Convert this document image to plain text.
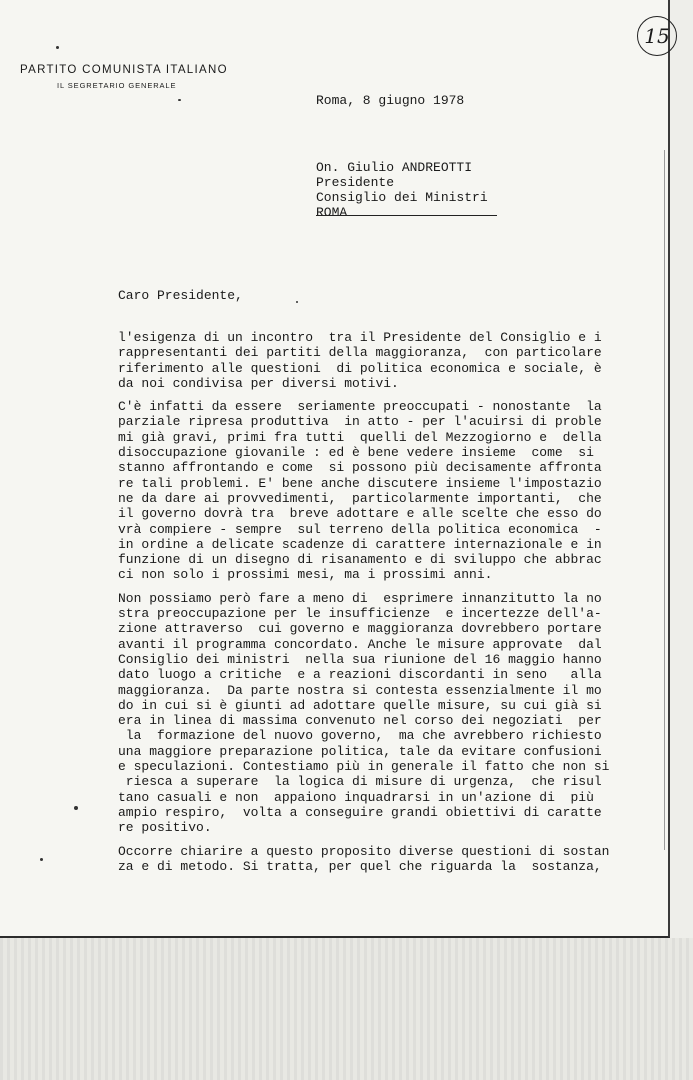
15
PARTITO COMUNISTA ITALIANO
IL SEGRETARIO GENERALE
Roma, 8 giugno 1978
On. Giulio ANDREOTTI
Presidente
Consiglio dei Ministri
ROMA
Caro Presidente,
l'esigenza di un incontro  tra il Presidente del Consiglio e i
rappresentanti dei partiti della maggioranza,  con particolare
riferimento alle questioni  di politica economica e sociale, è
da noi condivisa per diversi motivi.
C'è infatti da essere  seriamente preoccupati - nonostante  la
parziale ripresa produttiva  in atto - per l'acuirsi di proble
mi già gravi, primi fra tutti  quelli del Mezzogiorno e  della
disoccupazione giovanile : ed è bene vedere insieme  come  si
stanno affrontando e come  si possono più decisamente affronta
re tali problemi. E' bene anche discutere insieme l'impostazio
ne da dare ai provvedimenti,  particolarmente importanti,  che
il governo dovrà tra  breve adottare e alle scelte che esso do
vrà compiere - sempre  sul terreno della politica economica  -
in ordine a delicate scadenze di carattere internazionale e in
funzione di un disegno di risanamento e di sviluppo che abbrac
ci non solo i prossimi mesi, ma i prossimi anni.
Non possiamo però fare a meno di  esprimere innanzitutto la no
stra preoccupazione per le insufficienze  e incertezze dell'a-
zione attraverso  cui governo e maggioranza dovrebbero portare
avanti il programma concordato. Anche le misure approvate  dal
Consiglio dei ministri  nella sua riunione del 16 maggio hanno
dato luogo a critiche  e a reazioni discordanti in seno   alla
maggioranza.  Da parte nostra si contesta essenzialmente il mo
do in cui si è giunti ad adottare quelle misure, su cui già si
era in linea di massima convenuto nel corso dei negoziati  per
la  formazione del nuovo governo,  ma che avrebbero richiesto
una maggiore preparazione politica, tale da evitare confusioni
e speculazioni. Contestiamo più in generale il fatto che non si
riesca a superare  la logica di misure di urgenza,  che risul
tano casuali e non  appaiono inquadrarsi in un'azione di  più
ampio respiro,  volta a conseguire grandi obiettivi di caratte
re positivo.
Occorre chiarire a questo proposito diverse questioni di sostan
za e di metodo. Si tratta, per quel che riguarda la  sostanza,
